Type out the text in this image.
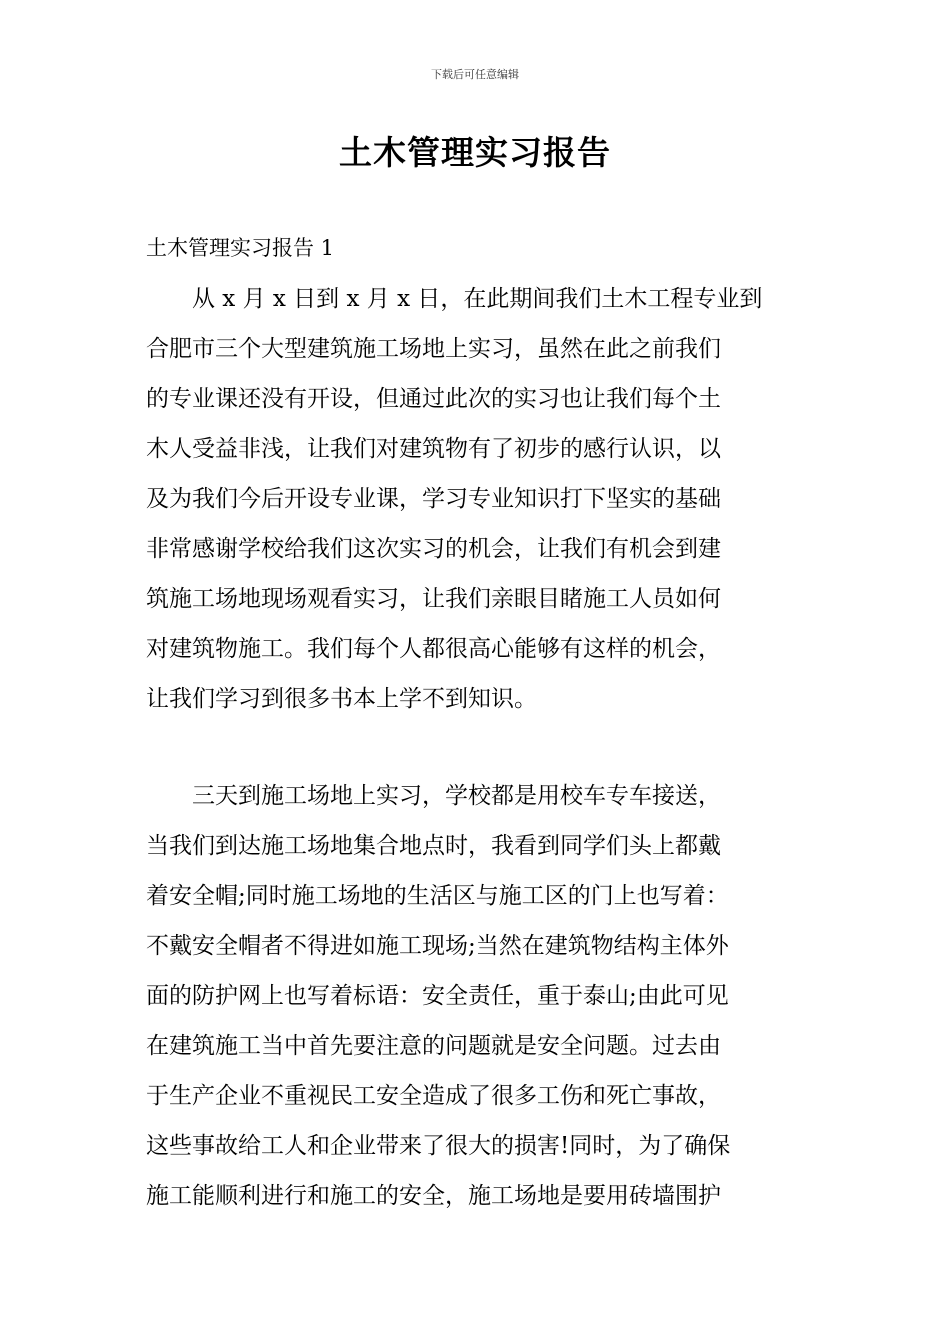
下载后可任意编辑
土木管理实习报告
土木管理实习报告 1
　　从 x 月 x 日到 x 月 x 日，在此期间我们土木工程专业到
合肥市三个大型建筑施工场地上实习，虽然在此之前我们
的专业课还没有开设，但通过此次的实习也让我们每个土
木人受益非浅，让我们对建筑物有了初步的感行认识，以
及为我们今后开设专业课，学习专业知识打下坚实的基础
非常感谢学校给我们这次实习的机会，让我们有机会到建
筑施工场地现场观看实习，让我们亲眼目睹施工人员如何
对建筑物施工。我们每个人都很高心能够有这样的机会，
让我们学习到很多书本上学不到知识。
　　三天到施工场地上实习，学校都是用校车专车接送，
当我们到达施工场地集合地点时，我看到同学们头上都戴
着安全帽;同时施工场地的生活区与施工区的门上也写着：
不戴安全帽者不得进如施工现场;当然在建筑物结构主体外
面的防护网上也写着标语：安全责任，重于泰山;由此可见
在建筑施工当中首先要注意的问题就是安全问题。过去由
于生产企业不重视民工安全造成了很多工伤和死亡事故，
这些事故给工人和企业带来了很大的损害!同时，为了确保
施工能顺利进行和施工的安全，施工场地是要用砖墙围护
